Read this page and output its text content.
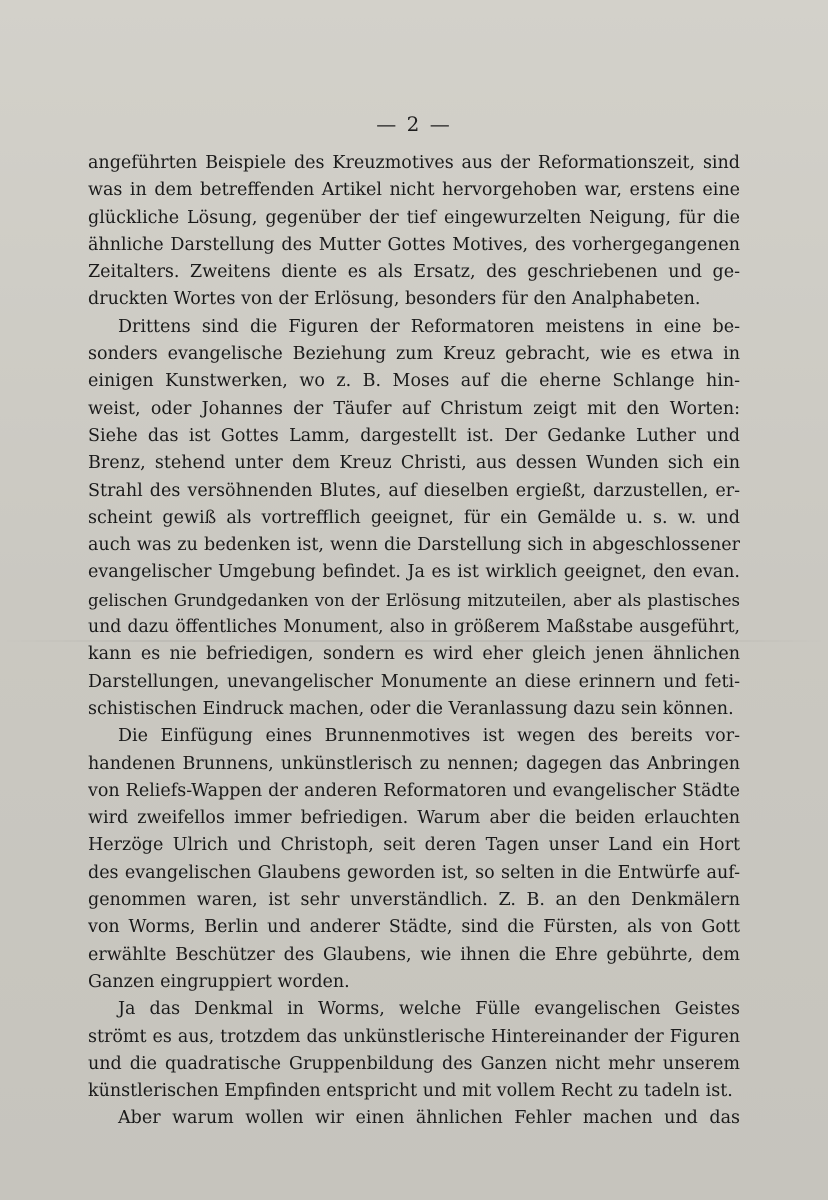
— 2 —
angeführten Beispiele des Kreuzmotives aus der Reformationszeit, sind
was in dem betreffenden Artikel nicht hervorgehoben war, erstens eine
glückliche Lösung, gegenüber der tief eingewurzelten Neigung, für die
ähnliche Darstellung des Mutter Gottes Motives, des vorhergegangenen
Zeitalters. Zweitens diente es als Ersatz, des geschriebenen und ge-
druckten Wortes von der Erlösung, besonders für den Analphabeten.
Drittens sind die Figuren der Reformatoren meistens in eine be-
sonders evangelische Beziehung zum Kreuz gebracht, wie es etwa in
einigen Kunstwerken, wo z. B. Moses auf die eherne Schlange hin-
weist, oder Johannes der Täufer auf Christum zeigt mit den Worten:
Siehe das ist Gottes Lamm, dargestellt ist. Der Gedanke Luther und
Brenz, stehend unter dem Kreuz Christi, aus dessen Wunden sich ein
Strahl des versöhnenden Blutes, auf dieselben ergießt, darzustellen, er-
scheint gewiß als vortrefflich geeignet, für ein Gemälde u. s. w. und
auch was zu bedenken ist, wenn die Darstellung sich in abgeschlossener
evangelischer Umgebung befindet. Ja es ist wirklich geeignet, den evan.
gelischen Grundgedanken von der Erlösung mitzuteilen, aber als plastisches
und dazu öffentliches Monument, also in größerem Maßstabe ausgeführt,
kann es nie befriedigen, sondern es wird eher gleich jenen ähnlichen
Darstellungen, unevangelischer Monumente an diese erinnern und feti-
schistischen Eindruck machen, oder die Veranlassung dazu sein können.
Die Einfügung eines Brunnenmotives ist wegen des bereits vor-
handenen Brunnens, unkünstlerisch zu nennen; dagegen das Anbringen
von Reliefs-Wappen der anderen Reformatoren und evangelischer Städte
wird zweifellos immer befriedigen. Warum aber die beiden erlauchten
Herzöge Ulrich und Christoph, seit deren Tagen unser Land ein Hort
des evangelischen Glaubens geworden ist, so selten in die Entwürfe auf-
genommen waren, ist sehr unverständlich. Z. B. an den Denkmälern
von Worms, Berlin und anderer Städte, sind die Fürsten, als von Gott
erwählte Beschützer des Glaubens, wie ihnen die Ehre gebührte, dem
Ganzen eingruppiert worden.
Ja das Denkmal in Worms, welche Fülle evangelischen Geistes
strömt es aus, trotzdem das unkünstlerische Hintereinander der Figuren
und die quadratische Gruppenbildung des Ganzen nicht mehr unserem
künstlerischen Empfinden entspricht und mit vollem Recht zu tadeln ist.
Aber warum wollen wir einen ähnlichen Fehler machen und das
